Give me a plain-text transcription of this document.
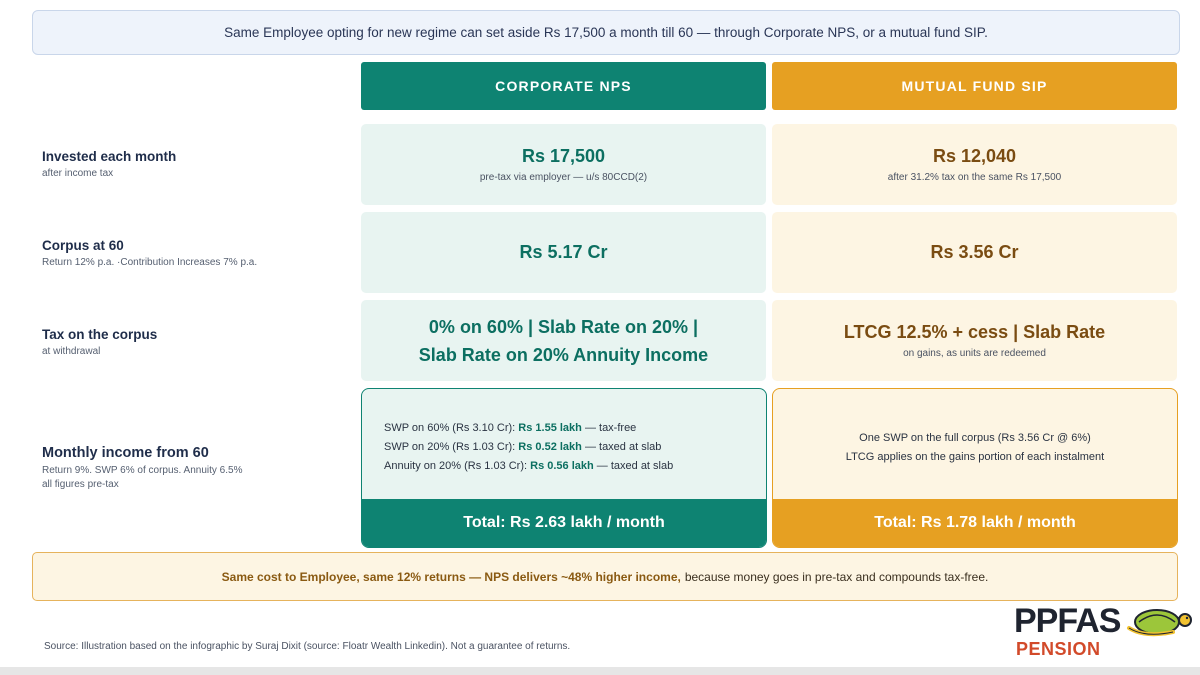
Same Employee opting for new regime can set aside Rs 17,500 a month till 60 — through Corporate NPS, or a mutual fund SIP.
CORPORATE NPS	MUTUAL FUND SIP
Invested each month
after income tax
Rs 17,500
pre-tax via employer — u/s 80CCD(2)
Rs 12,040
after 31.2% tax on the same Rs 17,500
Corpus at 60
Return 12% p.a. ·Contribution Increases 7% p.a.
Rs 5.17 Cr	Rs 3.56 Cr
Tax on the corpus
at withdrawal
0% on 60% | Slab Rate on 20% |
Slab Rate on 20% Annuity Income
LTCG 12.5% + cess | Slab Rate
on gains, as units are redeemed
Monthly income from 60
Return 9%. SWP 6% of corpus. Annuity 6.5%
all figures pre-tax
SWP on 60% (Rs 3.10 Cr): Rs 1.55 lakh — tax-free
SWP on 20% (Rs 1.03 Cr): Rs 0.52 lakh — taxed at slab
Annuity on 20% (Rs 1.03 Cr): Rs 0.56 lakh — taxed at slab
Total: Rs 2.63 lakh / month
One SWP on the full corpus (Rs 3.56 Cr @ 6%)
LTCG applies on the gains portion of each instalment
Total: Rs 1.78 lakh / month
Same cost to Employee, same 12% returns — NPS delivers ~48% higher income, because money goes in pre-tax and compounds tax-free.
Source: Illustration based on the infographic by Suraj Dixit (source: Floatr Wealth Linkedin). Not a guarantee of returns.
PPFAS
PENSION
